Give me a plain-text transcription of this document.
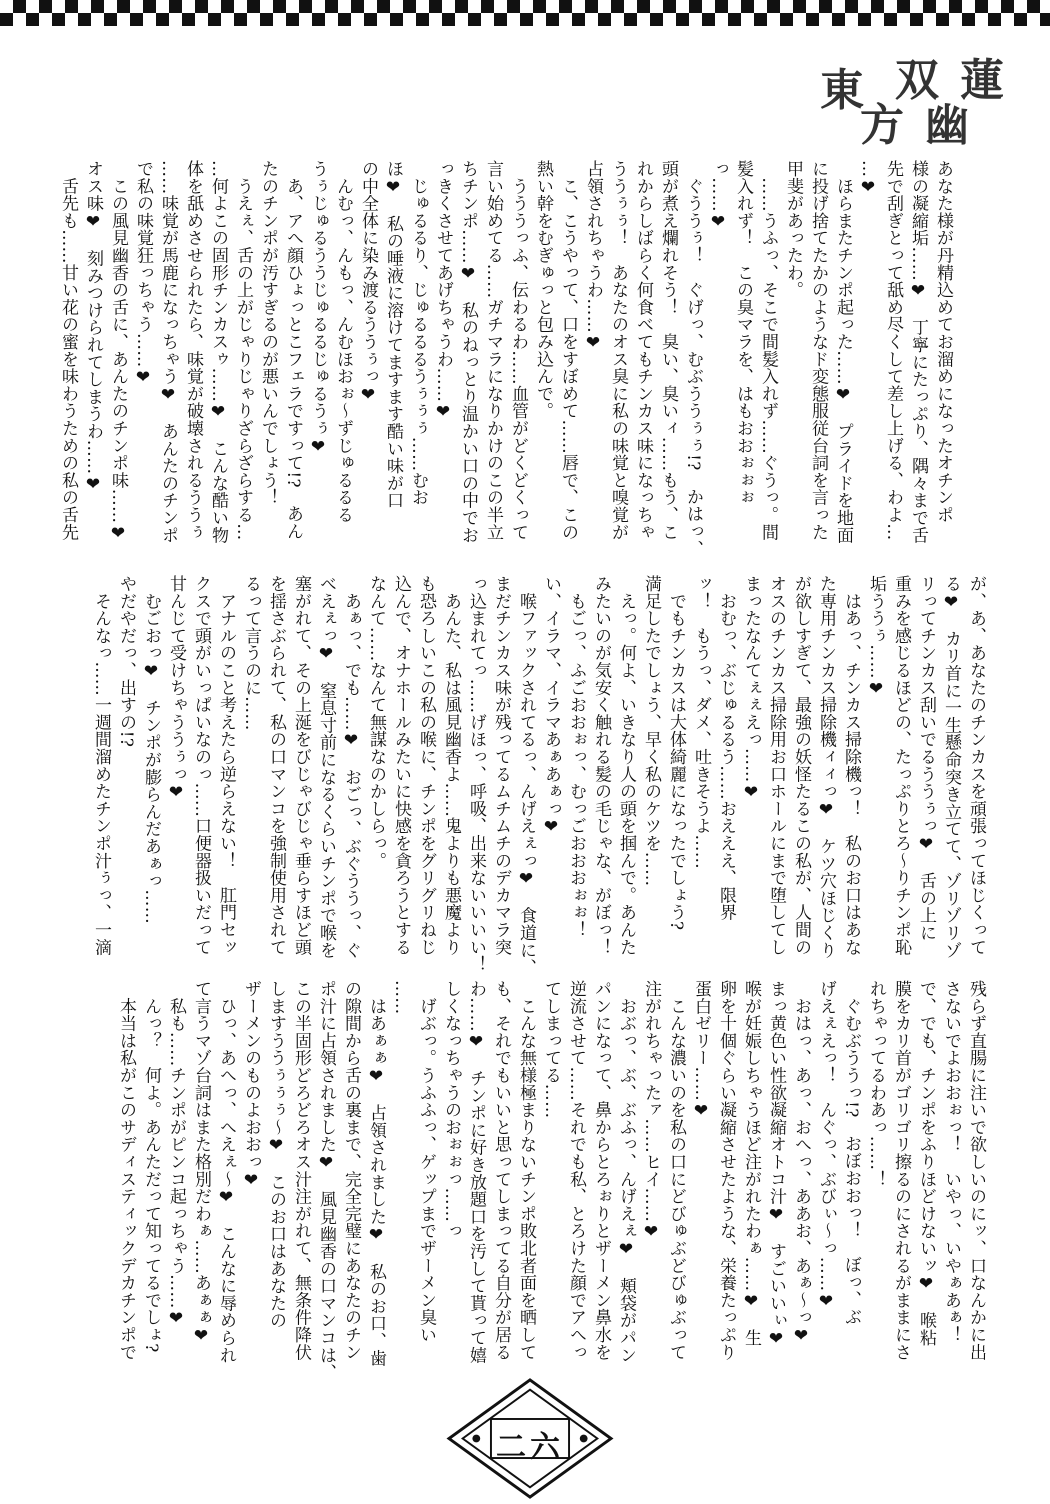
東
方
双
幽
蓮
あなた様が丹精込めてお溜めになったオチンポ
様の凝縮垢……❤　丁寧にたっぷり、隅々まで舌
先で刮ぎとって舐め尽くして差し上げる、わよ…
…❤
　ほらまたチンポ起った……❤　プライドを地面
に投げ捨てたかのようなド変態服従台詞を言った
甲斐があったわ。
　……うふっ、そこで間髪入れず……ぐうっ。間
髪入れず！　この臭マラを、はもおおぉぉぉ
っ……❤
　ぐううぅ！　ぐげっ、むぶううぅぅ!?　かはっ、
頭が煮え爛れそう！　臭い、臭いィ……もう、こ
れからしばらく何食べてもチンカス味になっちゃ
ううぅぅ！　あなたのオス臭に私の味覚と嗅覚が
占領されちゃうわ……❤
　こ、こうやって、口をすぼめて……唇で、この
熱い幹をむぎゅっと包み込んで。
　うううっふ、伝わるわ……血管がどくどくって
言い始めてる……ガチマラになりかけのこの半立
ちチンポ……❤　私のねっとり温かい口の中でお
っきくさせてあげちゃうわ……❤
　じゅるるり、じゅるるるうぅぅぅ……むお
ほ❤　私の唾液に溶けてますます酷い味が口
の中全体に染み渡るううぅっ❤
　んむっ、んもっ、んむほおぉ～ずじゅるるる
うぅじゅるううじゅるるじゅるうぅ❤
　あ、アへ顔ひょっとこフェラですって!?　あん
たのチンポが汚すぎるのが悪いんでしょう！
　うえぇ、舌の上がじゃりじゃりざらざらする…
…何よこの固形チンカスゥ……❤　こんな酷い物
体を舐めさせられたら、味覚が破壊されるううぅ
……味覚が馬鹿になっちゃう❤　あんたのチンポ
で私の味覚狂っちゃう……❤
　この風見幽香の舌に、あんたのチンポ味……❤
オス味❤　刻みつけられてしまうわ……❤
　舌先も……甘い花の蜜を味わうための私の舌先
が、あ、あなたのチンカスを頑張ってほじくって
る❤　カリ首に一生懸命突き立てて、ゾリゾリゾ
リってチンカス刮いでるううぅっ❤　舌の上に
重みを感じるほどの、たっぷりとろ～りチンポ恥
垢ううぅ……❤
　はあっ、チンカス掃除機っ！　私のお口はあな
た専用チンカス掃除機ィィっ❤　ケツ穴ほじくり
が欲しすぎて、最強の妖怪たるこの私が、人間の
オスのチンカス掃除用お口ホールにまで堕してし
まったなんてぇぇえっ……❤
　おむっ、ぶじゅるるう……おえええ、限界
ッ！　もうっ、ダメ、吐きそうよ……
　でもチンカスは大体綺麗になったでしょう?
満足したでしょう、早く私のケツを……
　えっ。何よ、いきなり人の頭を掴んで。あんた
みたいのが気安く触れる髪の毛じゃな、がぼっ！
　もごっ、ふごおおぉっ、むっごおおおぉぉ！
い、イラマ、イラマあぁあぁっ❤
　喉ファックされてるっ、んげえぇっ❤　食道に、
まだチンカス味が残ってるムチムチのデカマラ突
っ込まれてっ……げほっ、呼吸、出来ないいいい！
　あんた、私は風見幽香よ……鬼よりも悪魔より
も恐ろしいこの私の喉に、チンポをグリグリねじ
込んで、オナホールみたいに快感を貪ろうとする
なんて……なんて無謀なのかしらっ。
　あぁっ、でも……❤　おごっ、ぶぐううっ、ぐ
べえぇっ❤　窒息寸前になるくらいチンポで喉を
塞がれて、その上涎をびじゃびじゃ垂らすほど頭
を揺さぶられて、私の口マンコを強制使用されて
るって言うのに……
　アナルのこと考えたら逆らえない！　肛門セッ
クスで頭がいっぱいなのっ……口便器扱いだって
甘んじて受けちゃううぅっ❤
　むごおっ❤　チンポが膨らんだあぁっ……
やだやだっ、出すの!?
　そんなっ……一週間溜めたチンポ汁ぅっ、一滴
残らず直腸に注いで欲しいのにッ、口なんかに出
さないでよおおぉっ！　いやっ、いやぁあぁ！
で、でも、チンポをふりほどけないッ❤　喉粘
膜をカリ首がゴリゴリ擦るのにされるがままにさ
れちゃってるわあっ……！
　ぐむぶううっ!?　おぼおおっ！　ぼっ、ぶ
げえぇえっ！　んぐっ、ぶびぃ～っ……❤
　おはっ、あっ、おへっ、ああお、あぁ～っ❤
まっ黄色い性欲凝縮オトコ汁❤　すごいいぃ❤
喉が妊娠しちゃうほど注がれたわぁ……❤　生
卵を十個ぐらい凝縮させたような、栄養たっぷり
蛋白ゼリー……❤
　こんな濃いのを私の口にどびゅぶどびゅぶって
注がれちゃったァ……ヒイ……❤
　おぶっ、ぶ、ぶふっ、んげえぇ❤　頬袋がパン
パンになって、鼻からとろぉりとザーメン鼻水を
逆流させて……それでも私、とろけた顔でアへっ
てしまってる……
　こんな無様極まりないチンポ敗北者面を晒して
も、それでもいいと思ってしまってる自分が居る
わ……❤　チンポに好き放題口を汚して貰って嬉
しくなっちゃうのおぉぉっ……っ
　げぶっ。うふふっ、ゲップまでザーメン臭い
……
　はあぁぁ❤　占領されました❤　私のお口、歯
の隙間から舌の裏まで、完全完璧にあなたのチン
ポ汁に占領されました❤　風見幽香の口マンコは、
この半固形どろどろオス汁注がれて、無条件降伏
しますううぅぅぅ～❤　このお口はあなたの
ザーメンのものよおおっ❤
　ひっ、あへっ、へえぇ～❤　こんなに辱められ
て言うマゾ台詞はまた格別だわぁ……あぁぁ❤
　私も……チンポがピンコ起っちゃう……❤
　んっ？　何よ。あんただって知ってるでしょ?
　本当は私がこのサディスティックデカチンポで
二六
